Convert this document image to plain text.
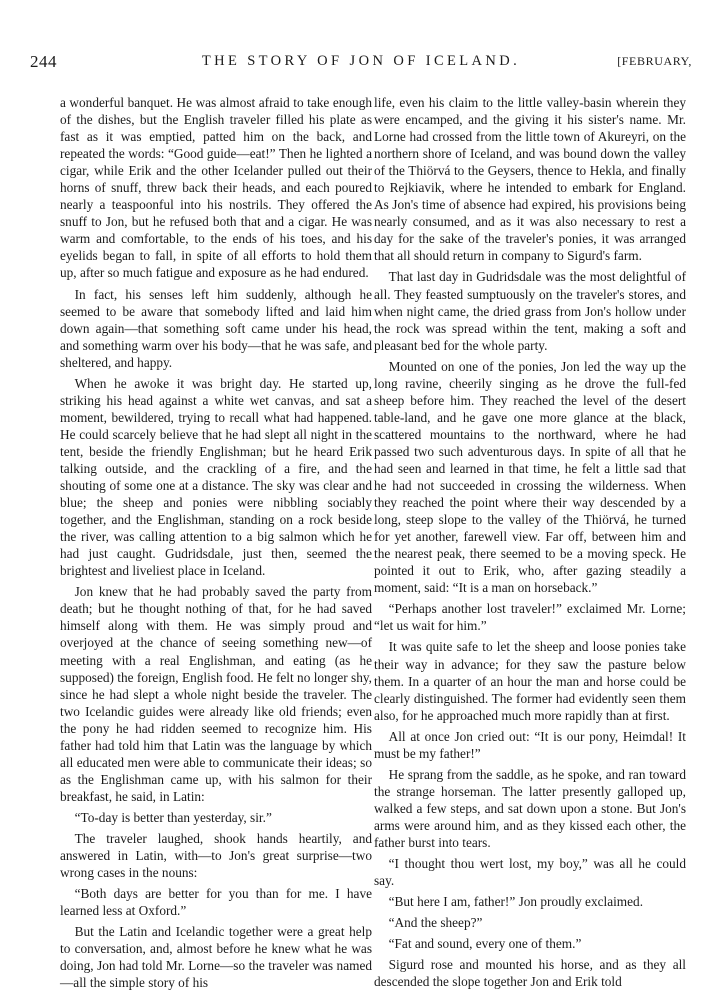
244	THE STORY OF JON OF ICELAND.	[FEBRUARY,

a wonderful banquet. He was almost afraid to take enough of the dishes, but the English traveler filled his plate as fast as it was emptied, patted him on the back, and repeated the words: “Good guide—eat!” Then he lighted a cigar, while Erik and the other Icelander pulled out their horns of snuff, threw back their heads, and each poured nearly a teaspoonful into his nostrils. They offered the snuff to Jon, but he refused both that and a cigar. He was warm and comfortable, to the ends of his toes, and his eyelids began to fall, in spite of all efforts to hold them up, after so much fatigue and exposure as he had endured.

In fact, his senses left him suddenly, although he seemed to be aware that somebody lifted and laid him down again—that something soft came under his head, and something warm over his body—that he was safe, and sheltered, and happy.

When he awoke it was bright day. He started up, striking his head against a white wet canvas, and sat a moment, bewildered, trying to recall what had happened. He could scarcely believe that he had slept all night in the tent, beside the friendly Englishman; but he heard Erik talking outside, and the crackling of a fire, and the shouting of some one at a distance. The sky was clear and blue; the sheep and ponies were nibbling sociably together, and the Englishman, standing on a rock beside the river, was calling attention to a big salmon which he had just caught. Gudridsdale, just then, seemed the brightest and liveliest place in Iceland.

Jon knew that he had probably saved the party from death; but he thought nothing of that, for he had saved himself along with them. He was simply proud and overjoyed at the chance of seeing something new—of meeting with a real Englishman, and eating (as he supposed) the foreign, English food. He felt no longer shy, since he had slept a whole night beside the traveler. The two Icelandic guides were already like old friends; even the pony he had ridden seemed to recognize him. His father had told him that Latin was the language by which all educated men were able to communicate their ideas; so as the Englishman came up, with his salmon for their breakfast, he said, in Latin:

“To-day is better than yesterday, sir.”

The traveler laughed, shook hands heartily, and answered in Latin, with—to Jon's great surprise—two wrong cases in the nouns:

“Both days are better for you than for me. I have learned less at Oxford.”

But the Latin and Icelandic together were a great help to conversation, and, almost before he knew what he was doing, Jon had told Mr. Lorne—so the traveler was named—all the simple story of his

life, even his claim to the little valley-basin wherein they were encamped, and the giving it his sister's name. Mr. Lorne had crossed from the little town of Akureyri, on the northern shore of Iceland, and was bound down the valley of the Thiörvá to the Geysers, thence to Hekla, and finally to Rejkiavik, where he intended to embark for England. As Jon's time of absence had expired, his provisions being nearly consumed, and as it was also necessary to rest a day for the sake of the traveler's ponies, it was arranged that all should return in company to Sigurd's farm.

That last day in Gudridsdale was the most delightful of all. They feasted sumptuously on the traveler's stores, and when night came, the dried grass from Jon's hollow under the rock was spread within the tent, making a soft and pleasant bed for the whole party.

Mounted on one of the ponies, Jon led the way up the long ravine, cheerily singing as he drove the full-fed sheep before him. They reached the level of the desert table-land, and he gave one more glance at the black, scattered mountains to the northward, where he had passed two such adventurous days. In spite of all that he had seen and learned in that time, he felt a little sad that he had not succeeded in crossing the wilderness. When they reached the point where their way descended by a long, steep slope to the valley of the Thiörvá, he turned for yet another, farewell view. Far off, between him and the nearest peak, there seemed to be a moving speck. He pointed it out to Erik, who, after gazing steadily a moment, said: “It is a man on horseback.”

“Perhaps another lost traveler!” exclaimed Mr. Lorne; “let us wait for him.”

It was quite safe to let the sheep and loose ponies take their way in advance; for they saw the pasture below them. In a quarter of an hour the man and horse could be clearly distinguished. The former had evidently seen them also, for he approached much more rapidly than at first.

All at once Jon cried out: “It is our pony, Heimdal! It must be my father!”

He sprang from the saddle, as he spoke, and ran toward the strange horseman. The latter presently galloped up, walked a few steps, and sat down upon a stone. But Jon's arms were around him, and as they kissed each other, the father burst into tears.

“I thought thou wert lost, my boy,” was all he could say.

“But here I am, father!” Jon proudly exclaimed.

“And the sheep?”

“Fat and sound, every one of them.”

Sigurd rose and mounted his horse, and as they all descended the slope together Jon and Erik told
